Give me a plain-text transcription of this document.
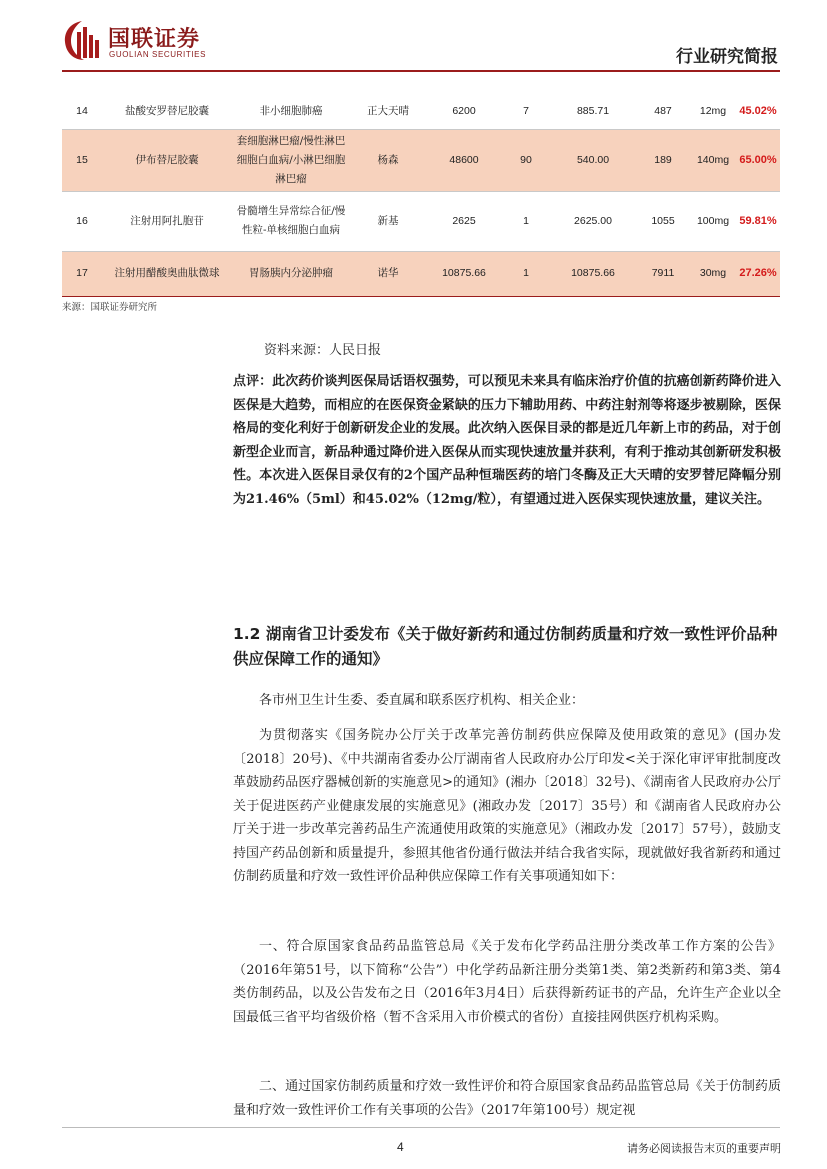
国联证券
GUOLIAN SECURITIES	行业研究简报
14	盐酸安罗替尼胶囊	非小细胞肺癌	正大天晴	6200	7	885.71	487	12mg	45.02%
15	伊布替尼胶囊	套细胞淋巴瘤/慢性淋巴细胞白血病/小淋巴细胞淋巴瘤	杨森	48600	90	540.00	189	140mg	65.00%
16	注射用阿扎胞苷	骨髓增生异常综合征/慢性粒-单核细胞白血病	新基	2625	1	2625.00	1055	100mg	59.81%
17	注射用醋酸奥曲肽微球	胃肠胰内分泌肿瘤	诺华	10875.66	1	10875.66	7911	30mg	27.26%
来源：国联证券研究所
资料来源：人民日报
点评：此次药价谈判医保局话语权强势，可以预见未来具有临床治疗价值的抗癌创新药降价进入医保是大趋势，而相应的在医保资金紧缺的压力下辅助用药、中药注射剂等将逐步被剔除，医保格局的变化利好于创新研发企业的发展。此次纳入医保目录的都是近几年新上市的药品，对于创新型企业而言，新品种通过降价进入医保从而实现快速放量并获利，有利于推动其创新研发积极性。本次进入医保目录仅有的2个国产品种恒瑞医药的培门冬酶及正大天晴的安罗替尼降幅分别为21.46%（5ml）和45.02%（12mg/粒），有望通过进入医保实现快速放量，建议关注。
1.2 湖南省卫计委发布《关于做好新药和通过仿制药质量和疗效一致性评价品种供应保障工作的通知》
各市州卫生计生委、委直属和联系医疗机构、相关企业：
为贯彻落实《国务院办公厅关于改革完善仿制药供应保障及使用政策的意见》(国办发〔2018〕20号)、《中共湖南省委办公厅湖南省人民政府办公厅印发<关于深化审评审批制度改革鼓励药品医疗器械创新的实施意见>的通知》(湘办〔2018〕32号)、《湖南省人民政府办公厅关于促进医药产业健康发展的实施意见》(湘政办发〔2017〕35号）和《湖南省人民政府办公厅关于进一步改革完善药品生产流通使用政策的实施意见》（湘政办发〔2017〕57号），鼓励支持国产药品创新和质量提升，参照其他省份通行做法并结合我省实际，现就做好我省新药和通过仿制药质量和疗效一致性评价品种供应保障工作有关事项通知如下：
一、符合原国家食品药品监管总局《关于发布化学药品注册分类改革工作方案的公告》（2016年第51号，以下简称“公告”）中化学药品新注册分类第1类、第2类新药和第3类、第4类仿制药品，以及公告发布之日（2016年3月4日）后获得新药证书的产品，允许生产企业以全国最低三省平均省级价格（暂不含采用入市价模式的省份）直接挂网供医疗机构采购。
二、通过国家仿制药质量和疗效一致性评价和符合原国家食品药品监管总局《关于仿制药质量和疗效一致性评价工作有关事项的公告》（2017年第100号）规定视
4	请务必阅读报告末页的重要声明
